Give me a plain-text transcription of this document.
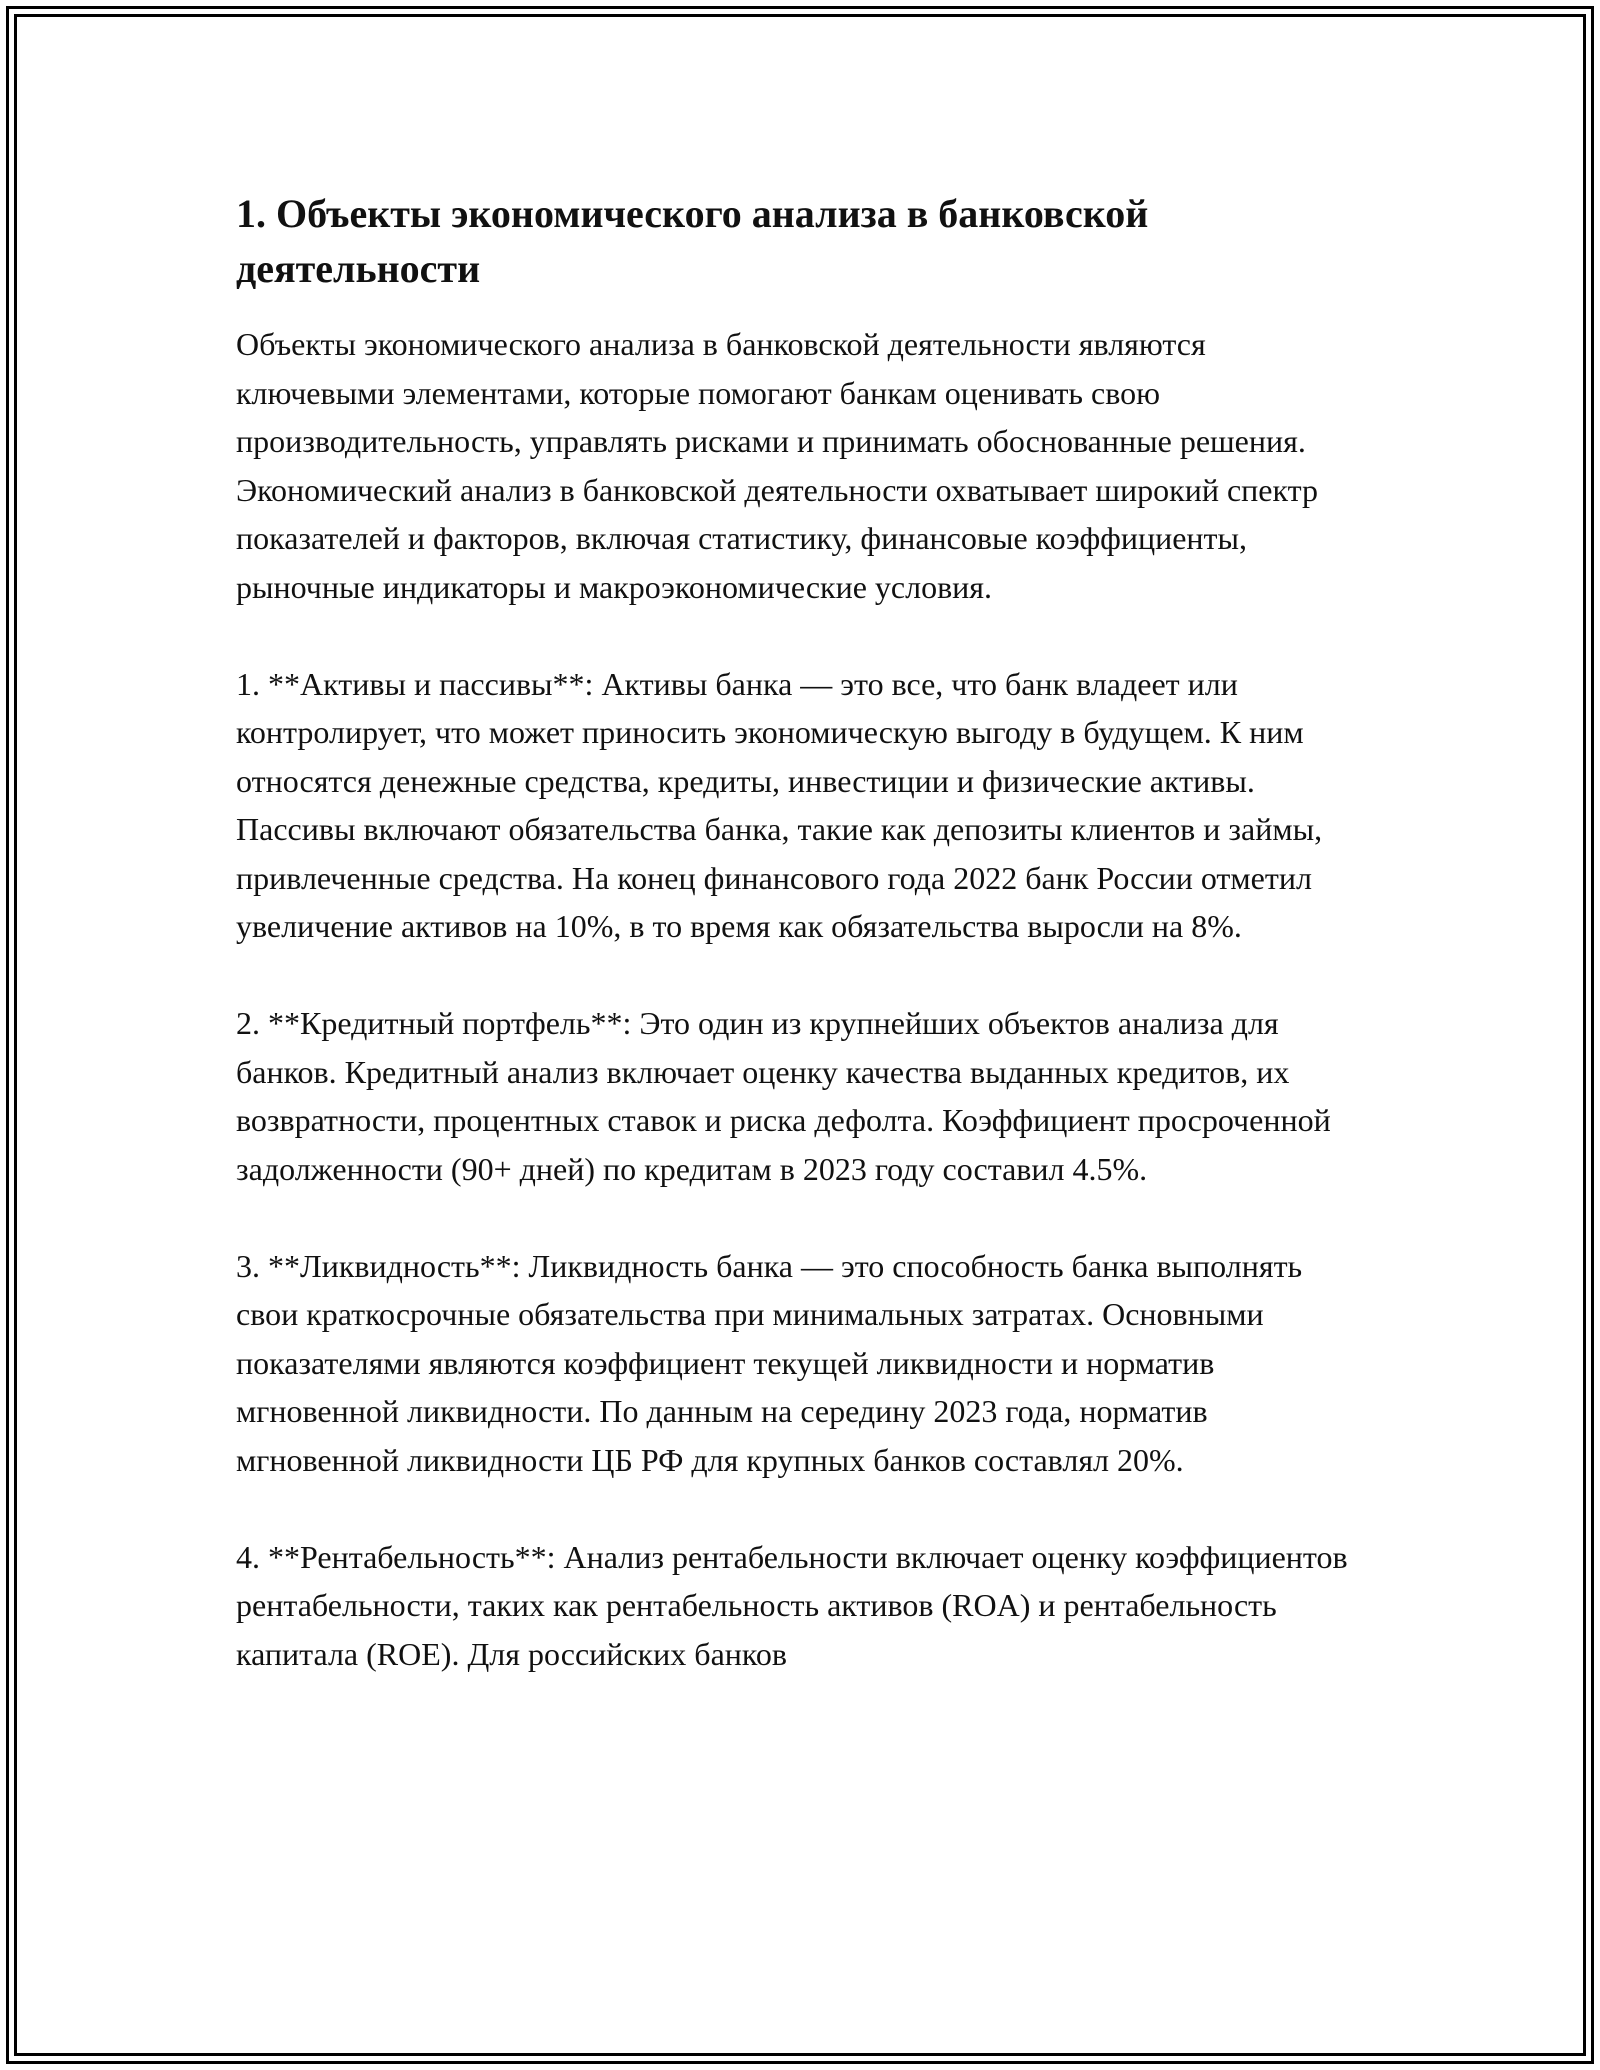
1. Объекты экономического анализа в банковской деятельности

Объекты экономического анализа в банковской деятельности являются ключевыми элементами, которые помогают банкам оценивать свою производительность, управлять рисками и принимать обоснованные решения. Экономический анализ в банковской деятельности охватывает широкий спектр показателей и факторов, включая статистику, финансовые коэффициенты, рыночные индикаторы и макроэкономические условия.

1. **Активы и пассивы**: Активы банка — это все, что банк владеет или контролирует, что может приносить экономическую выгоду в будущем. К ним относятся денежные средства, кредиты, инвестиции и физические активы. Пассивы включают обязательства банка, такие как депозиты клиентов и займы, привлеченные средства. На конец финансового года 2022 банк России отметил увеличение активов на 10%, в то время как обязательства выросли на 8%.

2. **Кредитный портфель**: Это один из крупнейших объектов анализа для банков. Кредитный анализ включает оценку качества выданных кредитов, их возвратности, процентных ставок и риска дефолта. Коэффициент просроченной задолженности (90+ дней) по кредитам в 2023 году составил 4.5%.

3. **Ликвидность**: Ликвидность банка — это способность банка выполнять свои краткосрочные обязательства при минимальных затратах. Основными показателями являются коэффициент текущей ликвидности и норматив мгновенной ликвидности. По данным на середину 2023 года, норматив мгновенной ликвидности ЦБ РФ для крупных банков составлял 20%.

4. **Рентабельность**: Анализ рентабельности включает оценку коэффициентов рентабельности, таких как рентабельность активов (ROA) и рентабельность капитала (ROE). Для российских банков
